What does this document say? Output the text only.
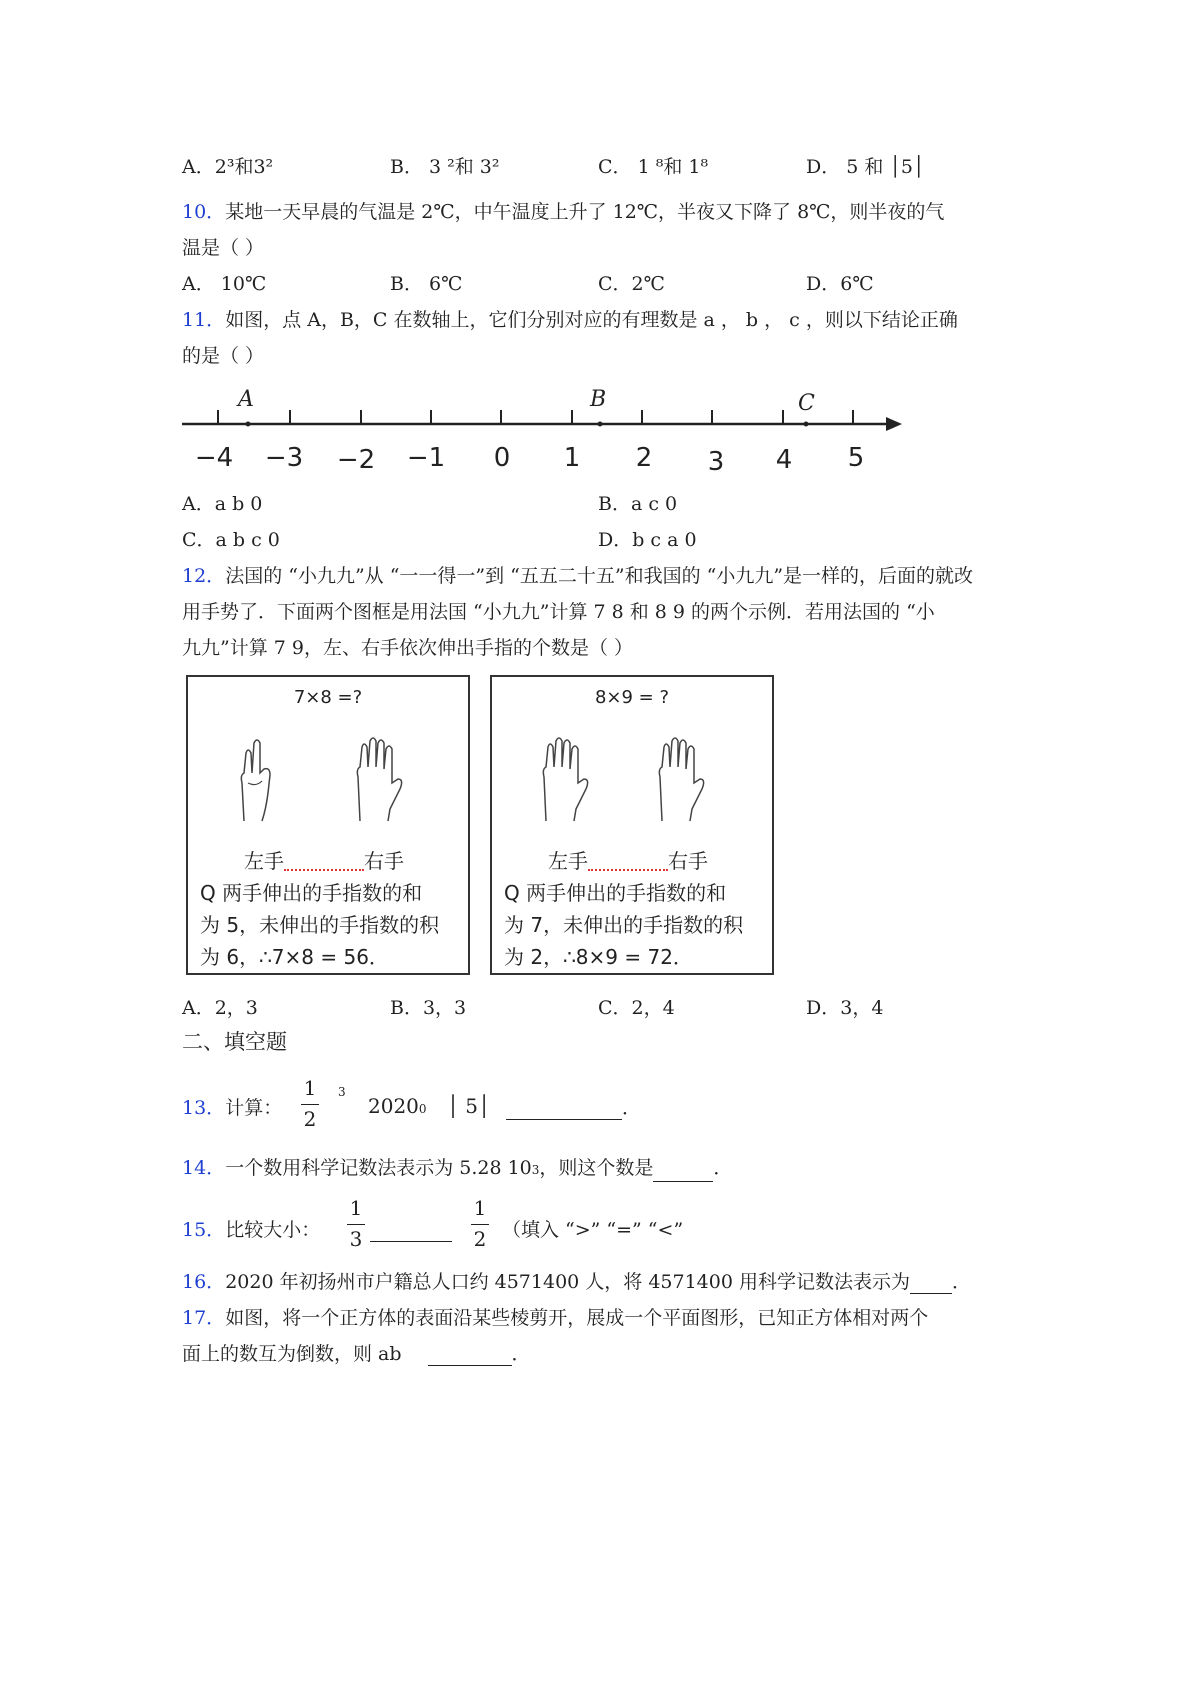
A．2³和3²	B． 3 ²和 3²	C． 1 ⁸和 1⁸	D． 5 和 │5│
10．某地一天早晨的气温是 2℃，中午温度上升了 12℃，半夜又下降了 8℃，则半夜的气
温是（ ）
A． 10℃	B． 6℃	C．2℃	D．6℃
11．如图，点 A，B，C 在数轴上，它们分别对应的有理数是 a ， b ， c ，则以下结论正确
的是（ ）
A	B	C
−4 −3 −2 −1 0 1 2 3 4 5
A．a b 0	B．a c 0
C．a b c 0	D．b c a 0
12．法国的 “小九九”从 “一一得一”到 “五五二十五”和我国的 “小九九”是一样的，后面的就改
用手势了．下面两个图框是用法国 “小九九”计算 7 8 和 8 9 的两个示例．若用法国的 “小
九九”计算 7 9，左、右手依次伸出手指的个数是（ ）
7×8 =?
左手	右手
Q 两手伸出的手指数的和
为 5，未伸出的手指数的积
为 6，∴7×8 = 56．
8×9 = ?
左手	右手
Q 两手伸出的手指数的和
为 7，未伸出的手指数的积
为 2，∴8×9 = 72．
A．2，3	B．3，3	C．2，4	D．3，4
二、填空题
13．计算：
1
2
3
20200 │ 5│	．
14．一个数用科学记数法表示为 5.28 103，则这个数是	．
15．比较大小：
1
3
1
2 （填入 “>” “=” “<”
16．2020 年初扬州市户籍总人口约 4571400 人，将 4571400 用科学记数法表示为 ．
17．如图，将一个正方体的表面沿某些棱剪开，展成一个平面图形，已知正方体相对两个
面上的数互为倒数，则 ab	．
